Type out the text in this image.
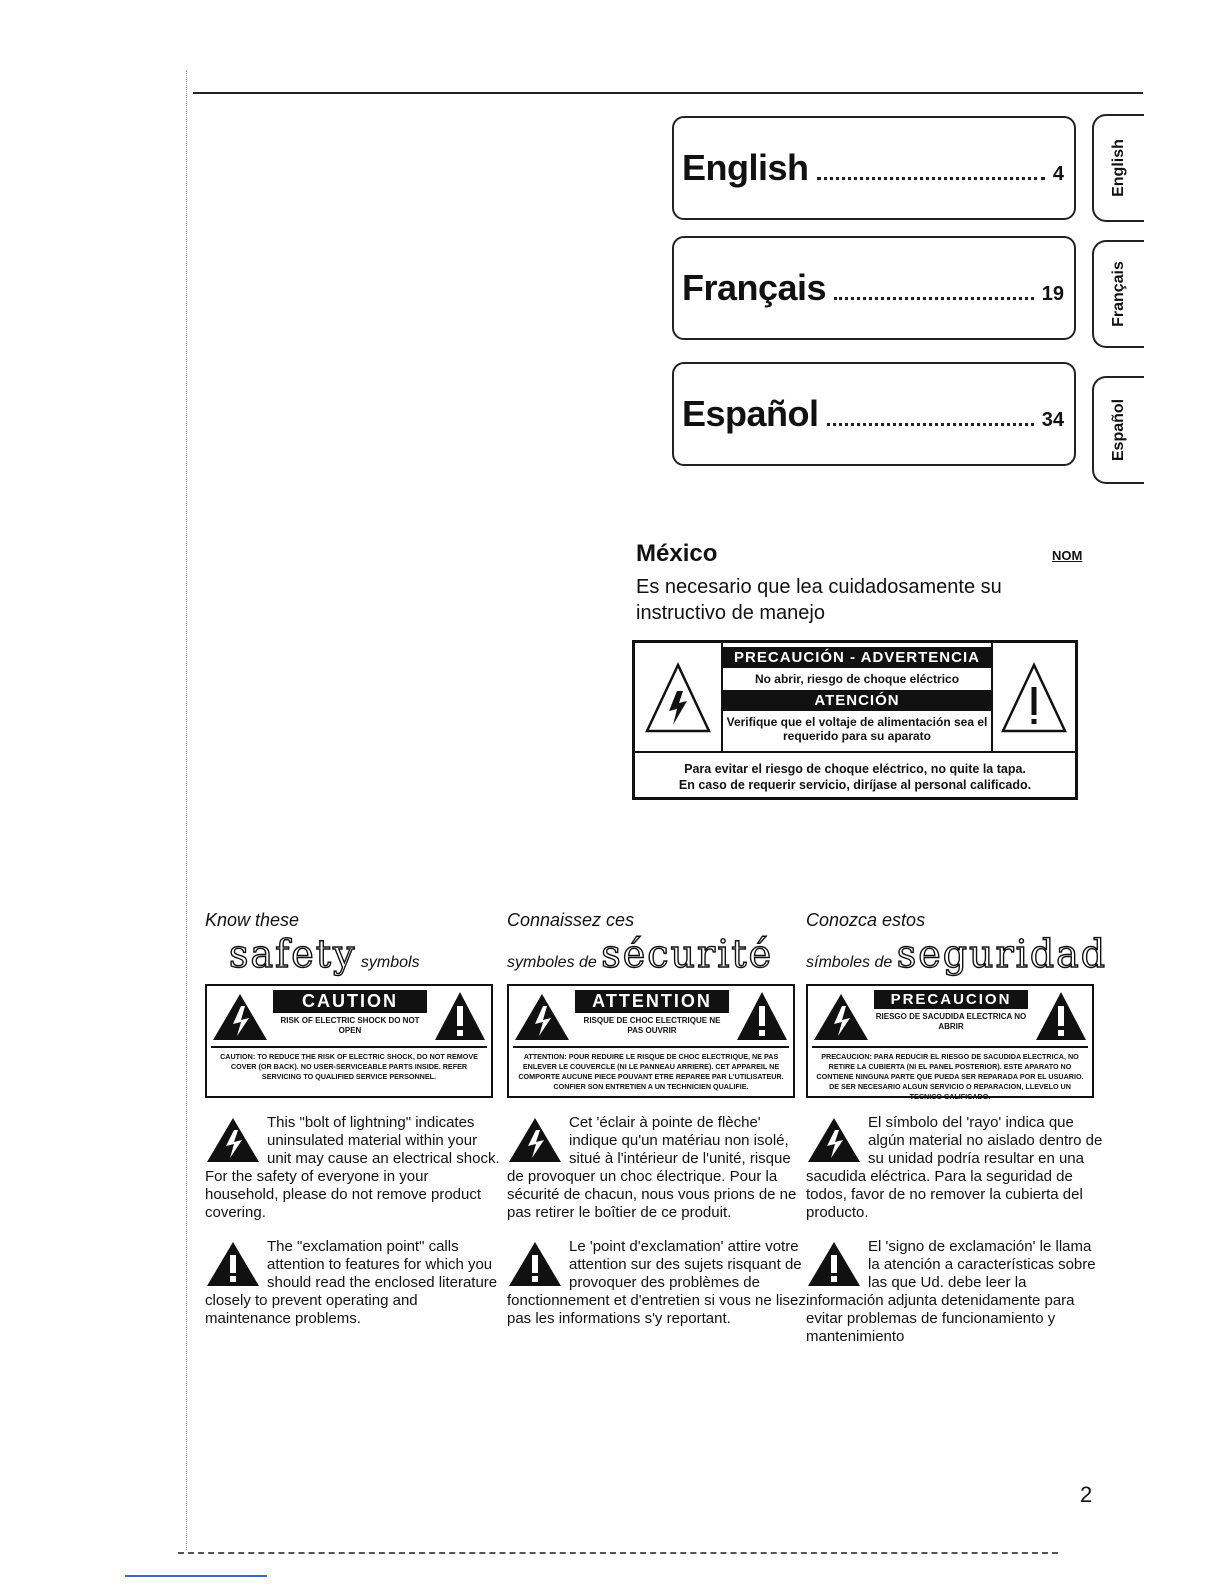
English	4
Français	19
Español	34
English
Français
Español
México	NOM
Es necesario que lea cuidadosamente su instructivo de manejo
PRECAUCIÓN - ADVERTENCIA
No abrir, riesgo de choque eléctrico
ATENCIÓN
Verifique que el voltaje de alimentación sea el requerido para su aparato
Para evitar el riesgo de choque eléctrico, no quite la tapa.
En caso de requerir servicio, diríjase al personal calificado.
Know these
safety symbols
CAUTION
RISK OF ELECTRIC SHOCK DO NOT OPEN
CAUTION: TO REDUCE THE RISK OF ELECTRIC SHOCK, DO NOT REMOVE COVER (OR BACK). NO USER-SERVICEABLE PARTS INSIDE. REFER SERVICING TO QUALIFIED SERVICE PERSONNEL.

This "bolt of lightning" indicates uninsulated material within your unit may cause an electrical shock. For the safety of everyone in your household, please do not remove product covering.

The "exclamation point" calls attention to features for which you should read the enclosed literature closely to prevent operating and maintenance problems.

Connaissez ces
symboles de sécurité
ATTENTION
RISQUE DE CHOC ELECTRIQUE NE PAS OUVRIR
ATTENTION: POUR REDUIRE LE RISQUE DE CHOC ELECTRIQUE, NE PAS ENLEVER LE COUVERCLE (NI LE PANNEAU ARRIERE). CET APPAREIL NE COMPORTE AUCUNE PIECE POUVANT ETRE REPAREE PAR L'UTILISATEUR. CONFIER SON ENTRETIEN A UN TECHNICIEN QUALIFIE.

Cet 'éclair à pointe de flèche' indique qu'un matériau non isolé, situé à l'intérieur de l'unité, risque de provoquer un choc électrique. Pour la sécurité de chacun, nous vous prions de ne pas retirer le boîtier de ce produit.

Le 'point d'exclamation' attire votre attention sur des sujets risquant de provoquer des problèmes de fonctionnement et d'entretien si vous ne lisez pas les informations s'y reportant.

Conozca estos
símboles de seguridad
PRECAUCION
RIESGO DE SACUDIDA ELECTRICA NO ABRIR
PRECAUCION: PARA REDUCIR EL RIESGO DE SACUDIDA ELECTRICA, NO RETIRE LA CUBIERTA (NI EL PANEL POSTERIOR). ESTE APARATO NO CONTIENE NINGUNA PARTE QUE PUEDA SER REPARADA POR EL USUARIO. DE SER NECESARIO ALGUN SERVICIO O REPARACION, LLEVELO UN TECNICO CALIFICADO.

El símbolo del 'rayo' indica que algún material no aislado dentro de su unidad podría resultar en una sacudida eléctrica. Para la seguridad de todos, favor de no remover la cubierta del producto.

El 'signo de exclamación' le llama la atención a características sobre las que Ud. debe leer la información adjunta detenidamente para evitar problemas de funcionamiento y mantenimiento

2
